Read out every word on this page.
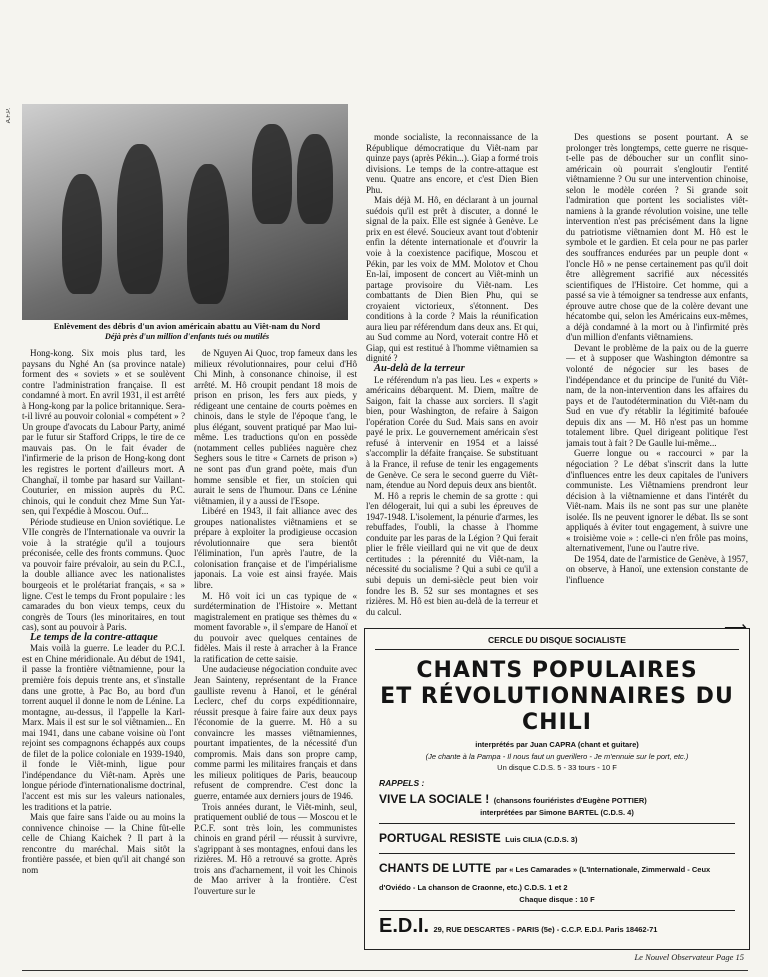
A.F.P.
Enlèvement des débris d'un avion américain abattu au Viêt-nam du Nord
Déjà près d'un million d'enfants tués ou mutilés

Hong-kong. Six mois plus tard, les paysans du Nghé An (sa province natale) forment des « soviets » et se soulèvent contre l'administration française. Il est condamné à mort. En avril 1931, il est arrêté à Hong-kong par la police britannique. Sera-t-il livré au pouvoir colonial « compétent » ? Un groupe d'avocats du Labour Party, animé par le futur sir Stafford Cripps, le tire de ce mauvais pas. On le fait évader de l'infirmerie de la prison de Hong-kong dont les registres le portent d'ailleurs mort. A Changhaï, il tombe par hasard sur Vaillant-Couturier, en mission auprès du P.C. chinois, qui le conduit chez Mme Sun Yat-sen, qui l'expédie à Moscou. Ouf...

Période studieuse en Union soviétique. Le VIIe congrès de l'Internationale va ouvrir la voie à la stratégie qu'il a toujours préconisée, celle des fronts communs. Quoc va pouvoir faire prévaloir, au sein du P.C.I., la double alliance avec les nationalistes bourgeois et le prolétariat français, « sa » ligne. C'est le temps du Front populaire : les camarades du bon vieux temps, ceux du congrès de Tours (les minoritaires, en tout cas), sont au pouvoir à Paris.

Le temps de la contre-attaque

Mais voilà la guerre. Le leader du P.C.I. est en Chine méridionale. Au début de 1941, il passe la frontière viêtnamienne, pour la première fois depuis trente ans, et s'installe dans une grotte, à Pac Bo, au bord d'un torrent auquel il donne le nom de Lénine. La montagne, au-dessus, il l'appelle la Karl-Marx. Mais il est sur le sol viêtnamien... En mai 1941, dans une cabane voisine où l'ont rejoint ses compagnons échappés aux coups de filet de la police coloniale en 1939-1940, il fonde le Viêt-minh, ligue pour l'indépendance du Viêt-nam. Après une longue période d'internationalisme doctrinal, l'accent est mis sur les valeurs nationales, les traditions et la patrie.

Mais que faire sans l'aide ou au moins la connivence chinoise — la Chine fût-elle celle de Chiang Kaichek ? Il part à la rencontre du maréchal. Mais sitôt la frontière passée, et bien qu'il ait changé son nom

de Nguyen Ai Quoc, trop fameux dans les milieux révolutionnaires, pour celui d'Hô Chi Minh, à consonance chinoise, il est arrêté. M. Hô croupit pendant 18 mois de prison en prison, les fers aux pieds, y rédigeant une centaine de courts poèmes en chinois, dans le style de l'époque t'ang, le plus élégant, souvent pratiqué par Mao lui-même. Les traductions qu'on en possède (notamment celles publiées naguère chez Seghers sous le titre « Carnets de prison ») ne sont pas d'un grand poète, mais d'un homme sensible et fier, un stoïcien qui aurait le sens de l'humour. Dans ce Lénine viêtnamien, il y a aussi de l'Esope.

Libéré en 1943, il fait alliance avec des groupes nationalistes viêtnamiens et se prépare à exploiter la prodigieuse occasion révolutionnaire que sera bientôt l'élimination, l'un après l'autre, de la colonisation française et de l'impérialisme japonais. La voie est ainsi frayée. Mais libre.

M. Hô voit ici un cas typique de « surdétermination de l'Histoire ». Mettant magistralement en pratique ses thèmes du « moment favorable », il s'empare de Hanoï et du pouvoir avec quelques centaines de fidèles. Mais il reste à arracher à la France la ratification de cette saisie.

Une audacieuse négociation conduite avec Jean Sainteny, représentant de la France gaulliste revenu à Hanoï, et le général Leclerc, chef du corps expéditionnaire, réussit presque à faire faire aux deux pays l'économie de la guerre. M. Hô a su convaincre les masses viêtnamiennes, pourtant impatientes, de la nécessité d'un compromis. Mais dans son propre camp, comme parmi les militaires français et dans les milieux politiques de Paris, beaucoup refusent de comprendre. C'est donc la guerre, entamée aux derniers jours de 1946.

Trois années durant, le Viêt-minh, seul, pratiquement oublié de tous — Moscou et le P.C.F. sont très loin, les communistes chinois en grand péril — réussit à survivre, s'agrippant à ses montagnes, enfoui dans les rizières. M. Hô a retrouvé sa grotte. Après trois ans d'acharnement, il voit les Chinois de Mao arriver à la frontière. C'est l'ouverture sur le

monde socialiste, la reconnaissance de la République démocratique du Viêt-nam par quinze pays (après Pékin...). Giap a formé trois divisions. Le temps de la contre-attaque est venu. Quatre ans encore, et c'est Dien Bien Phu.

Mais déjà M. Hô, en déclarant à un journal suédois qu'il est prêt à discuter, a donné le signal de la paix. Elle est signée à Genève. Le prix en est élevé. Soucieux avant tout d'obtenir enfin la détente internationale et d'ouvrir la voie à la coexistence pacifique, Moscou et Pékin, par les voix de MM. Molotov et Chou En-laï, imposent de concert au Viêt-minh un partage provisoire du Viêt-nam. Les combattants de Dien Bien Phu, qui se croyaient victorieux, s'étonnent. Des conditions à la corde ? Mais la réunification aura lieu par référendum dans deux ans. Et qui, au Sud comme au Nord, voterait contre Hô et Giap, qui est restitué à l'homme viêtnamien sa dignité ?

Au-delà de la terreur

Le référendum n'a pas lieu. Les « experts » américains débarquent. M. Diem, maître de Saigon, fait la chasse aux sorciers. Il s'agit bien, pour Washington, de refaire à Saigon l'opération Corée du Sud. Mais sans en avoir payé le prix. Le gouvernement américain s'est refusé à intervenir en 1954 et a laissé s'accomplir la défaite française. Se substituant à la France, il refuse de tenir les engagements de Genève. Ce sera le second guerre du Viêt-nam, étendue au Nord depuis deux ans bientôt.

M. Hô a repris le chemin de sa grotte : qui l'en délogerait, lui qui a subi les épreuves de 1947-1948. L'isolement, la pénurie d'armes, les rebuffades, l'oubli, la chasse à l'homme conduite par les paras de la Légion ? Qui ferait plier le frêle vieillard qui ne vit que de deux certitudes : la pérennité du Viêt-nam, la nécessité du socialisme ? Qui a subi ce qu'il a subi depuis un demi-siècle peut bien voir fondre les B. 52 sur ses montagnes et ses rizières. M. Hô est bien au-delà de la terreur et du calcul.

Des questions se posent pourtant. A se prolonger très longtemps, cette guerre ne risque-t-elle pas de déboucher sur un conflit sino-américain où pourrait s'engloutir l'entité viêtnamienne ? Ou sur une intervention chinoise, selon le modèle coréen ? Si grande soit l'admiration que portent les socialistes viêt-namiens à la grande révolution voisine, une telle intervention n'est pas précisément dans la ligne du patriotisme viêtnamien dont M. Hô est le symbole et le gardien. Et cela pour ne pas parler des souffrances endurées par un peuple dont « l'oncle Hô » ne pense certainement pas qu'il doit être allègrement sacrifié aux nécessités scientifiques de l'Histoire. Cet homme, qui a passé sa vie à témoigner sa tendresse aux enfants, éprouve autre chose que de la colère devant une hécatombe qui, selon les Américains eux-mêmes, a déjà condamné à la mort ou à l'infirmité près d'un million d'enfants viêtnamiens.

Devant le problème de la paix ou de la guerre — et à supposer que Washington démontre sa volonté de négocier sur les bases de l'indépendance et du principe de l'unité du Viêt-nam, de la non-intervention dans les affaires du pays et de l'autodétermination du Viêt-nam du Sud en vue d'y rétablir la légitimité bafouée depuis dix ans — M. Hô n'est pas un homme totalement libre. Quel dirigeant politique l'est jamais tout à fait ? De Gaulle lui-même...

Guerre longue ou « raccourci » par la négociation ? Le débat s'inscrit dans la lutte d'influences entre les deux capitales de l'univers communiste. Les Viêtnamiens prendront leur décision à la viêtnamienne et dans l'intérêt du Viêt-nam. Mais ils ne sont pas sur une planète isolée. Ils ne peuvent ignorer le débat. Ils se sont appliqués à éviter tout engagement, à suivre une « troisième voie » : celle-ci n'en frôle pas moins, alternativement, l'une ou l'autre rive.

De 1954, date de l'armistice de Genève, à 1957, on observe, à Hanoï, une extension constante de l'influence

CERCLE DU DISQUE SOCIALISTE
CHANTS POPULAIRES
ET RÉVOLUTIONNAIRES DU CHILI
interprétés par Juan CAPRA (chant et guitare)
(Je chante à la Pampa - Il nous faut un guerillero - Je m'ennuie sur le port, etc.)
Un disque C.D.S. 5 - 33 tours - 10 F
RAPPELS :
VIVE LA SOCIALE ! (chansons fouriéristes d'Eugène POTTIER)
interprétées par Simone BARTEL (C.D.S. 4)
PORTUGAL RESISTE Luis CILIA (C.D.S. 3)
CHANTS DE LUTTE par « Les Camarades » (L'Internationale, Zimmerwald - Ceux d'Oviédo - La chanson de Craonne, etc.) C.D.S. 1 et 2
Chaque disque : 10 F
E.D.I. 29, RUE DESCARTES - PARIS (5e) - C.C.P. E.D.I. Paris 18462-71
Le Nouvel Observateur Page 15
